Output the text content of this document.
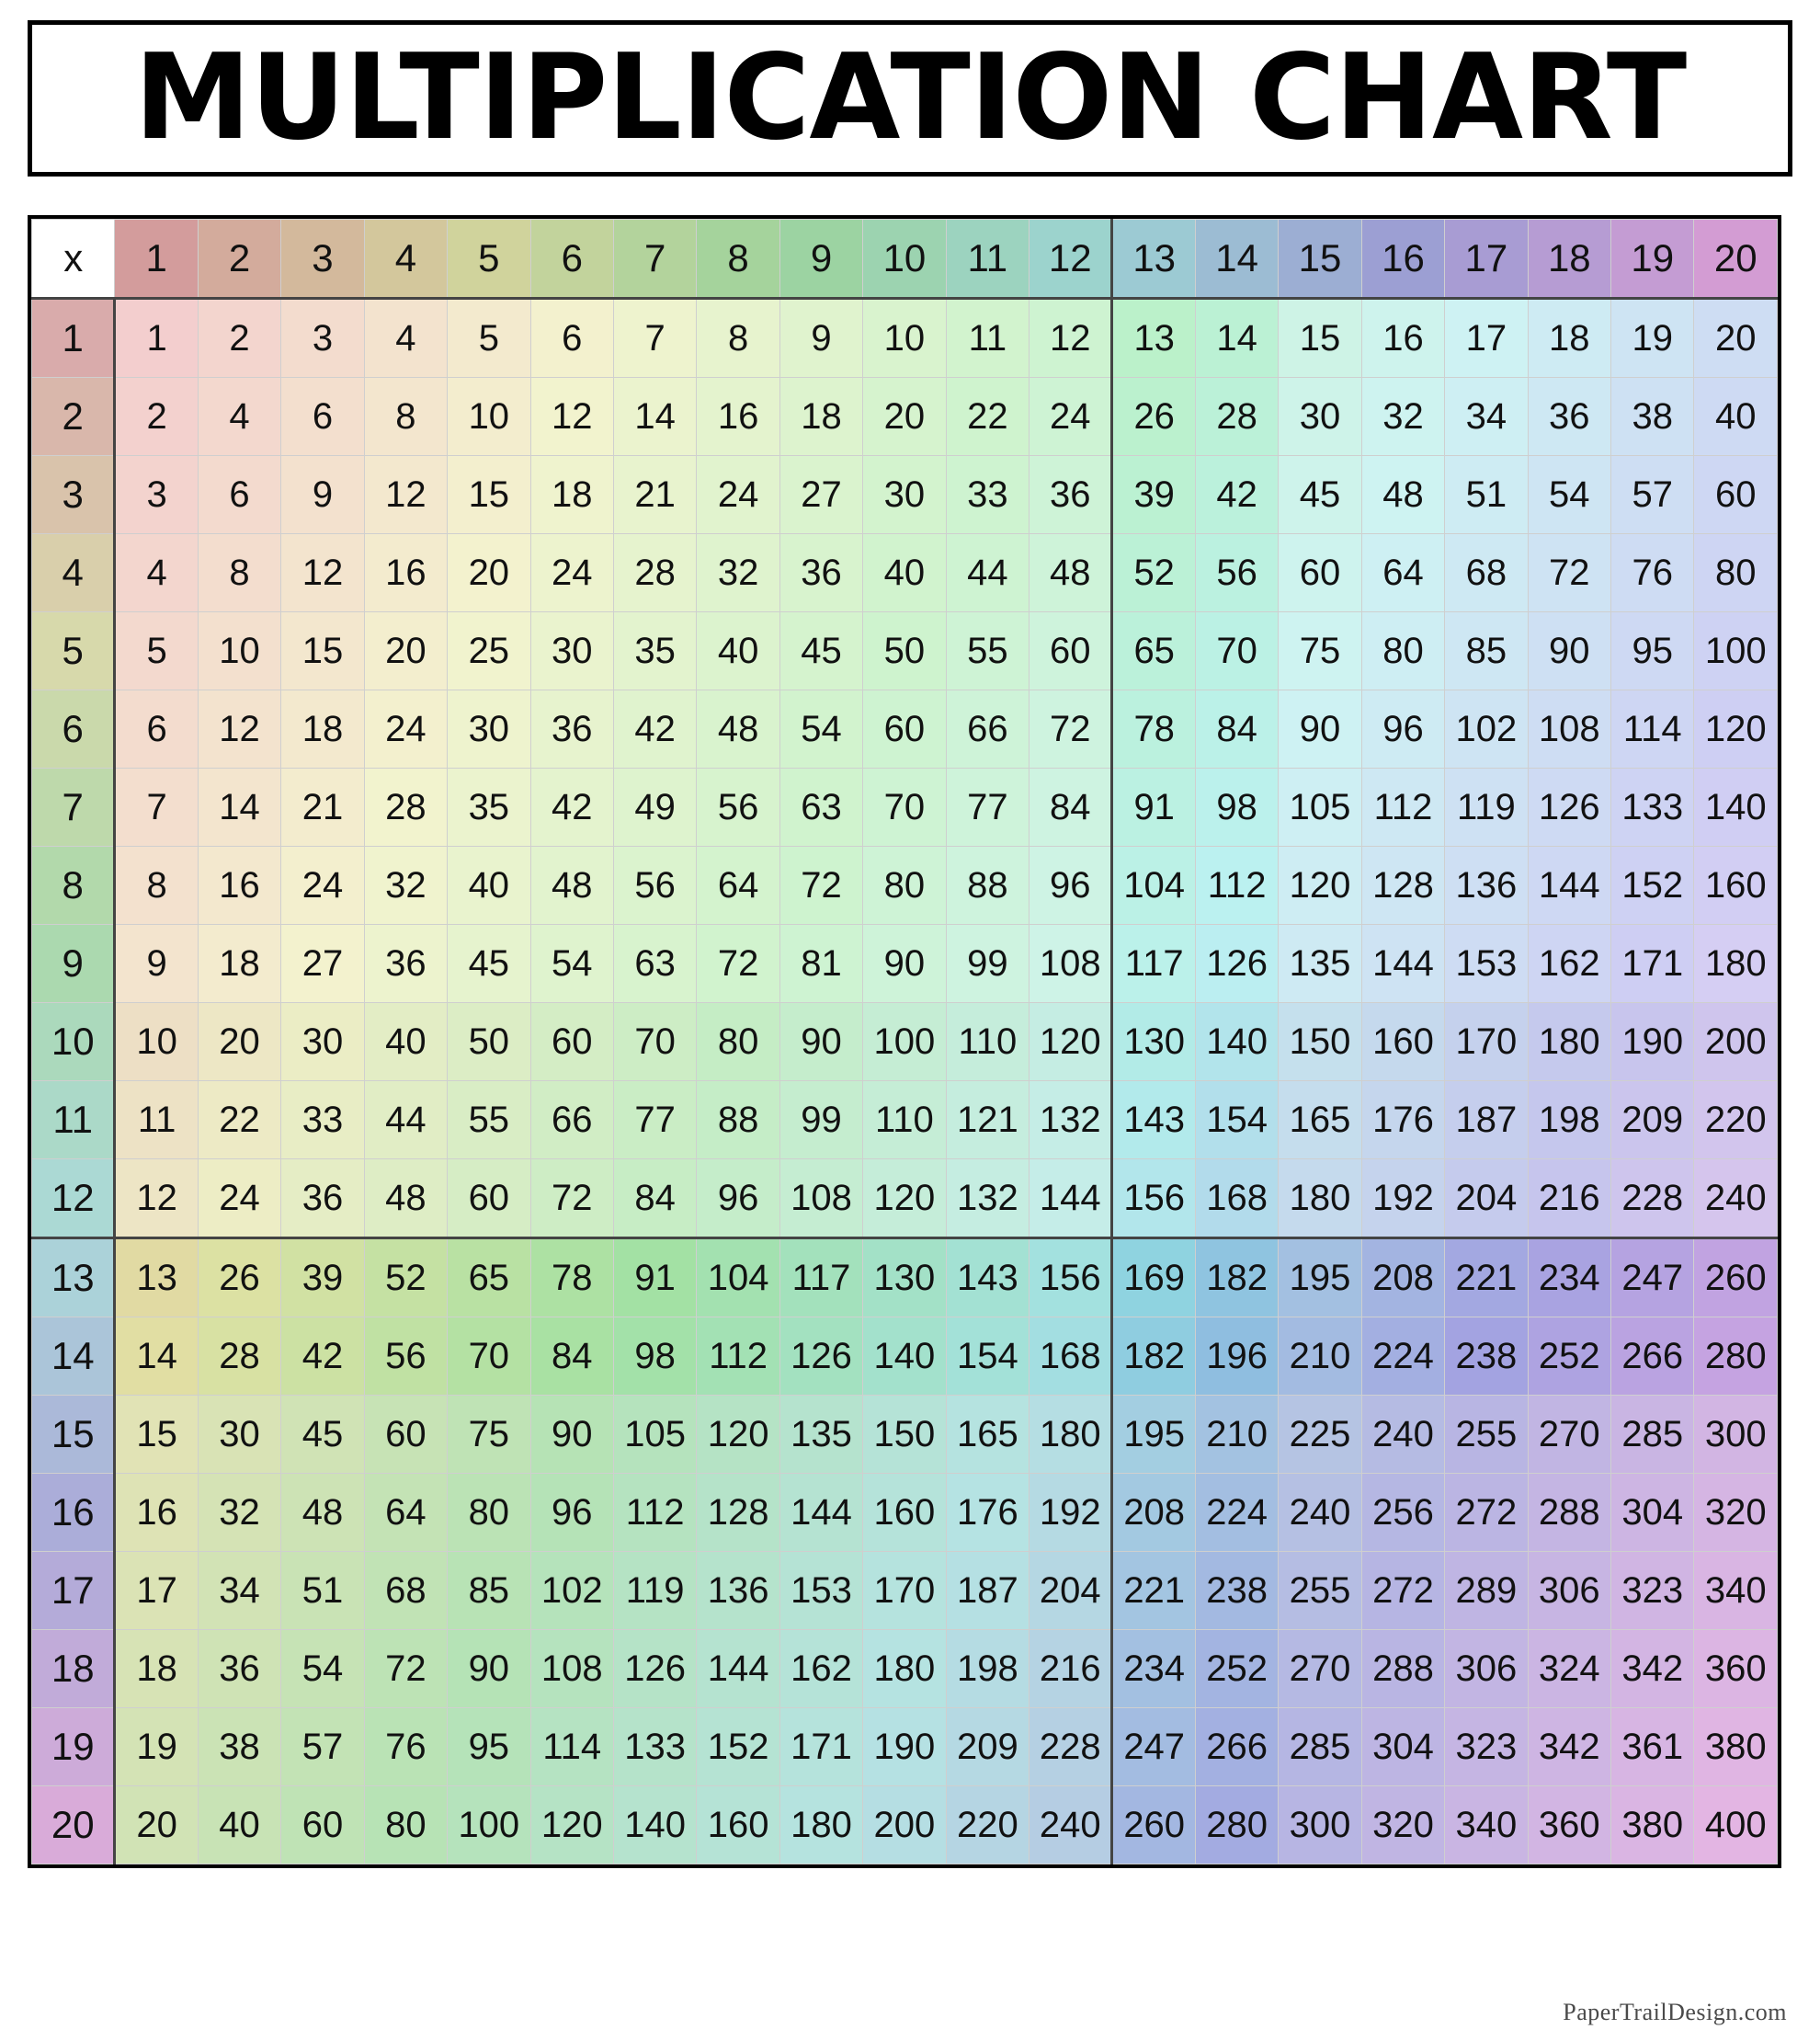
MULTIPLICATION CHART
x	1	2	3	4	5	6	7	8	9	10	11	12	13	14	15	16	17	18	19	20
1	1	2	3	4	5	6	7	8	9	10	11	12	13	14	15	16	17	18	19	20
2	2	4	6	8	10	12	14	16	18	20	22	24	26	28	30	32	34	36	38	40
3	3	6	9	12	15	18	21	24	27	30	33	36	39	42	45	48	51	54	57	60
4	4	8	12	16	20	24	28	32	36	40	44	48	52	56	60	64	68	72	76	80
5	5	10	15	20	25	30	35	40	45	50	55	60	65	70	75	80	85	90	95	100
6	6	12	18	24	30	36	42	48	54	60	66	72	78	84	90	96	102	108	114	120
7	7	14	21	28	35	42	49	56	63	70	77	84	91	98	105	112	119	126	133	140
8	8	16	24	32	40	48	56	64	72	80	88	96	104	112	120	128	136	144	152	160
9	9	18	27	36	45	54	63	72	81	90	99	108	117	126	135	144	153	162	171	180
10	10	20	30	40	50	60	70	80	90	100	110	120	130	140	150	160	170	180	190	200
11	11	22	33	44	55	66	77	88	99	110	121	132	143	154	165	176	187	198	209	220
12	12	24	36	48	60	72	84	96	108	120	132	144	156	168	180	192	204	216	228	240
13	13	26	39	52	65	78	91	104	117	130	143	156	169	182	195	208	221	234	247	260
14	14	28	42	56	70	84	98	112	126	140	154	168	182	196	210	224	238	252	266	280
15	15	30	45	60	75	90	105	120	135	150	165	180	195	210	225	240	255	270	285	300
16	16	32	48	64	80	96	112	128	144	160	176	192	208	224	240	256	272	288	304	320
17	17	34	51	68	85	102	119	136	153	170	187	204	221	238	255	272	289	306	323	340
18	18	36	54	72	90	108	126	144	162	180	198	216	234	252	270	288	306	324	342	360
19	19	38	57	76	95	114	133	152	171	190	209	228	247	266	285	304	323	342	361	380
20	20	40	60	80	100	120	140	160	180	200	220	240	260	280	300	320	340	360	380	400
PaperTrailDesign.com
